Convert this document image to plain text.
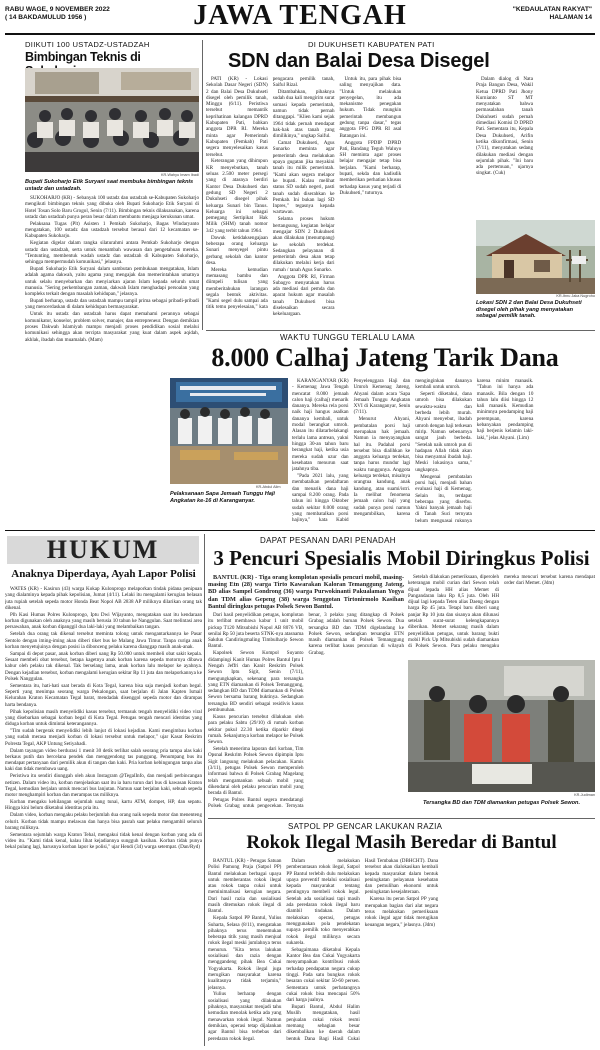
RABU WAGE, 9 NOVEMBER 2022
( 14 BAKDAMULUD 1956 )	JAWA TENGAH	"KEDAULATAN RAKYAT"
HALAMAN 14
DIIKUTI 100 USTADZ-USTADZAH
Bimbingan Teknis di
KR-Wahyu Imam Ibadi
Bupati Sukoharjo Etik Suryani saat membuka bimbingan teknis ustadz dan ustadzah.

SUKOHARJO (KR) - Sebanyak 100 ustadz dan ustadzah se-Kabupaten Sukoharjo mengikuti bimbingan teknis yang dibuka oleh Bupati Sukoharjo Etik Suryani di Hotel Tosan Solo Baru Grogol, Senin (7/11). Bimbingan teknis dilaksanakan, karena ustadz dan ustadzah punya peran besar dalam membantu menjaga kerukunan umat.

Pelaksana Tugas (Plt) Asisten 1 Pemkab Sukoharjo, Bagas Windaryanto mengatakan, 100 ustadz dan ustadzah tersebut berasal dari 12 kecamatan se-Kabupaten Sukoharjo.

Kegiatan digelar dalam rangka silaturahmi antara Pemkab Sukoharjo dengan ustadz dan ustadzah, serta untuk menambah wawasan dan pengetahuan mereka. "Tentunting, membentuk wadah ustadz dan ustadzah di Kabupaten Sukoharjo, sehingga mempermudah komunikasi," jelasnya.

Bupati Sukoharjo Etik Suryani dalam sambutan pembukaan mengatakan, Islam adalah agama dakwah, yaitu agama yang mengajak dan memerintahkan umatnya untuk selalu menyebarkan dan menyiarkan ajaran Islam kepada seluruh umat manusia. "Sering perkembangan zaman, dakwah Islam menghadapi persoalan yang kompleks terkait dengan masalah kehidupan," jelasnya.

Bupati berharap, ustadz dan ustadzah mampu tampil prima sebagai pribadi-pribadi yang mencerdaskan di dalam kehidupan bermasyarakat.

Untuk itu ustadz dan ustadzah harus dapat memahami perannya sebagai komunikator, konselor, problem solver, manajer, dan entrepreneur. Dengan demikian proses Dakwah Islamiyah mampu menjadi proses pendidikan sosial melalui komunikasi sehingga akan tercipta masyarakat yang kuat dalam aspek aqidah, akhlak, ibadah dan muamalah. (Mam)

DI DUKUHSETI KABUPATEN PATI
SDN dan Balai Desa Disegel

PATI (KR) - Lokasi Sekolah Dasar Negeri (SDN) 2 dan Balai Desa Dukuhseti disegel oleh pemilik tanah, Minggu (6/11). Peristiwa tersebut memantik keprihatinan kalangan DPRD Kabupaten Pati, bahkan anggota DPR RI. Mereka minta agar Pemerintah Kabupaten (Pemkab) Pati segera menyelesaikan kasus tersebut.

Keterangan yang dihimpun KR menyebutkan, tanah seluas 2.500 meter persegi yang di atasnya berdiri Kantor Desa Dukuhseti dan gedung SD Negeri 2 Dukuhseti disegel pihak keluarga Sunari bin Tanus. Keluarga ini sebagai pemegang Sertipikat Hak Milik (SHM) tanah nomor 342 yang terbit tahun 1964.

Dawuk ketidaksengajaan beberapa orang keluarga Sunari menyegel pintu gerbang sekolah dan kantor desa.

Mereka kemudian memasang bambu dan diimpeli tulisan yang memberitahukan larangan segala bentuk aktivitas. "Kami segel dulu sampai ada titik temu penyelesaian," kata pengacara pemilik tanah, Saiful Rizal.

Ditambahkan, pihaknya sudah dua kali mengirim surat somasi kepada pemerintah, namun tidak pernah ditanggapi. "Klien kami sejak 1964 tidak pernah mendapat hak-hak atas tanah yang dimilikinya," ungkap Saiful.

Camat Dukuhseti, Agus Sunarko meminta agar pemerintah desa melakukan upaya gugatan jika meyakini tanah itu milik pemerintah. "Kami akan segera melapor ke bupati. Kalau melihat status SD sudah negeri, pasti tanah sudah diserahkan ke Pemkab. Ini bukan lagi SD Inpres," tegasnya kepada wartawan.

Selama proses hukum bertangsung, kegiatan belajar mengajar SDN 2 Dukuhseti akan dilakukan (menumpang) ke sekolah terdekat. Sedangkan pelayanan di pemerintah desa akan tetap dilakukan melalui kerja dari rumah / tanah Agus Sunarko.

Anggota DPR RI, Firman Subagyo menyatakan harus ada mediasi dari pemda dan aparat hukum agar masalah tanah Dukuhseti bisa diselesaikan secara kekeluargaan.

Untuk itu, para pihak bisa saling menyajikan data. "Untuk melakukan penyegelan, itu ada mekanisme penegakan hukum. Tidak mungkin pemerintah membangun gedung tanpa dasar," tegas anggota FPG DPR RI asal Batangan ini.

Anggota FPDIP DPRD Pati, Bandang Teguh Waluyo SH meminta agar proses belajar mengajar tetap bisa berjalan. "Kami berharap, bupati, sekda dan kadisdik memberikan perhatian khusus terhadap kasus yang terjadi di Dukuhseti," tuturnya.

Dalam dialog di Nata Praja Bangun Desa, Wakil Ketua DPRD Pati Jhony Kurnianto ST MT menyatakan bahwa permasalahan tanah Dukuhseti sudah pernah dimediasi Komisi D DPRD Pati. Sementara itu, Kepala Desa Dukuhseti, Arifin ketika dikonfirmasi, Senin (7/11), menyatakan sedang dilakukan mediasi dengan sejumlah pihak. "Ini baru ada pertemuan," ujarnya singkat. (Cuk)

KR-Ibnu Jaka Nugroho
Lokasi SDN 2 dan Balai Desa Dukuhseti disegel oleh pihak yang menyatakan sebagai pemilik tanah.
WAKTU TUNGGU TERLALU LAMA
8.000 Calhaj Jateng Tarik Dana
KR-Abdul Alim
Pelaksanaan Sapa Jemaah Tunggu Haji Angkatan ke-16 di Karanganyar.

KARANGANYAR (KR) - Kemenag Jawa Tengah mencatat 8.000 jemaah calon haji (calhaj) menarik dananya. Mereka rela porsi naik haji hangus asalkan dananya kembali, untuk modal berangkat umroh. Alasan itu dilatarbelakangi terlalu lama antrean, yakni hingga 30-an tahun baru berangkat haji, ketika usia mereka sudah uzur dan kesehatan menurun saat jatahnya tiba.

"Pada 2021 lalu, yang membatalkan pendaftaran dan menarik dana haji sampai 8.200 orang. Pada tahun ini hingga Oktober sudah sekitar 8.000 orang yang membatalkan porsi hajinya," kata Kabid Penyelenggara Haji dan Umroh Kemenag Jateng, Ahyani dalam acara 'Sapa Jemaah Tunggu Angkatan XVI di Karanganyar, Senin (7/11).

Menurut Ahyani, pembatalan porsi haji merupakan hak jemaah. Namun ia menyayangkan hal itu. Padahal porsi tersebut bisa dialihkan ke anggota keluarga terdekat, tanpa harus mundur lagi waktu tunggunya. Anggota keluarga terdekat, misalnya orangtua kandung, anak kandung, atau suami/istri. Ia melihat fenomena jemaah calon haji yang sudah punya porsi namun mengambilkan, karena menginginkan dananya kembali untuk umroh.

Seperti diketahui, dana umroh bisa dilakukan sewaktu-waktu dan berbeda lebih murah. Ahyani menyebut, ibadah umroh dengan haji terkesan mirip. Namun sebenarnya sangat jauh berbeda. "Setelah naik umroh pun di hadapan Allah tidak akan bisa menyamai ibadah haji. Meski lokasinya sama," ungkapnya.

Mengenai pembatalan porsi haji, menjadi bahan evaluasi haji di Kemenag. Selain itu, terdapat beberapa yang diserbu. Yakni banyak jemaah haji di Tanah Suci ternyata belum menguasai rukunya karena minim manasik. "Tahun ini hanya ada manasik. Bila dengan 10 tahun lalu diisi hingga 12 kali manasik. Kemudian minimnya pendamping haji perempuan, karena kebanyakan pendamping haji berjenis kelamin laki-laki," jelas Ahyani. (Lim)

HUKUM
Anaknya Diperdaya, Ayah Lapor Polisi

WATES (KR) - Kasirun (43) warga Kokap Kulonprogo melaporkan tindak pidana penipuan yang dialaminya kepada pihak kepolisian, Jumat (4/11). Lelaki itu mengalami kerugian belasan juta rupiah setelah sepeda motor Honda Beat Nopol AB 2838 AP miliknya dilarikan orang tak dikenal.

Plh Kasi Humas Polres Kulonprogo, Iptu Dwi Wijayanto, mengatakan saat itu kendaraan korban digunakan oleh anaknya yang masih berusia 10 tahun ke Nanggulan. Saat melintasi area persawahan, anak korban dipanggil dua laki-laki yang melambaikan tangan.

Setelah dua orang tak dikenal tersebut meminta tolong untuk mengantarkannya ke Pasar Sentolo dengan iming-iming akan diberi tiket bus ke Malang Jawa Timur. Tanpa curiga anak korban menyetujuinya dengan posisi ia dibonceng pelaku karena dianggap masih anak-anak.

Sampai di depot pasar, anak korban diberi uang Rp 50.000 untuk membeli obat sakit kepala. Sesaat membeli obat tersebut, betapa kagetnya anak korban karena sepeda motornya dibawa kabur oleh pelaku tak dikenal. Tak berselang lama, anak korban lalu melapor ke ayahnya. Dengan kejadian tersebut, korban mengalami kerugian sekitar Rp 11 juta dan melaporkannya ke Polsek Nanggulan.

Sementara itu, hati-hati saat berada di Kota Tegal, karena bisa saja menjadi korban begal. Seperti yang menimpa seorang warga Pekalongan, saat berjalan di Jalan Kapten Ismail Kelurahan Kraton Kecamatan Tegal barat, mendadak disenggol sepeda motor dan dirampas harta bendanya.

Pihak kepolisian masih menyelidiki kasus tersebut, termasuk tengah menyelidiki video viral yang disebarkan sebagai korban begal di Kota Tegal. Petugas tengah mencari identitas yang diduga korban untuk dimintai keterangannya.

"Tim sudah bergerak menyelidiki lebih lanjut di lokasi kejadian. Kami mengimbau korban yang sudah merasa menjadi korban di lokasi tersebut untuk melapor," ujar Kasat Reskrim Polresta Tegal, AKP Untung Setiyahadi.

Dalam tayangan video berdurasi 1 menit 30 detik terlihat salah seorang pria tampa alas kaki berkaus putih dan bercelana pendek dan menggendong tas punggung. Penumpang bus itu mendapat pertanyaan dari pemilik akun di tangan dan kaki. Pria korban kebingungan tanpa alas kaki dan tidak membawa uang.

Peristiwa itu sendiri diunggah oleh akun Instagram @TegalInfo, dan menjadi perbincangan netizen. Dalam video itu, korban menjelaskan saat itu ia baru turun dari bus di kawasan Kraton Tegal, kemudian berjalan untuk mencari bus lanjutan. Namun saat berjalan kaki, sebuah sepeda motor menghampiri korban dan merampas tas miliknya.

Korban mengaku kehilangan sejumlah uang tunai, kartu ATM, dompet, HP, dan sepatu. Hingga kini belum diketahui identitas pria itu.

Dalam video, korban mengaku pelaku berjumlah dua orang naik sepeda motor dan menenteng celurit. Korban tidak mampu melawan dan hanya bisa pasrah saat pelaku mengambil seluruh barang miliknya.

Sementara sejumlah warga Kraton Tehal, mengakui tidak kenal dengan korban yang ada di video itu. "Kami tidak kenal, kalau lihat kejadiannya sungguh kasihan. Korban tidak punya bekal pulang lagi, harusnya korban lapor ke polisi," ujar Hendi (34) warga setempat. (Dan/Ryd)

DAPAT PESANAN DARI PENADAH
3 Pencuri Spesialis Mobil Diringkus Polisi

BANTUL (KR) - Tiga orang komplotan spesialis pencuri mobil, masing-masing Etn (28) warga Tirto Kawarakan Kaloran Temanggung Jateng, BD alias Sampel Gondrong (36) warga Purwokinanti Pakualaman Yogya dan TDM alias Gepeng (38) warga Senggotan Tirtonirmolo Kasihan Bantul diringkus petugas Polsek Sewon Bantul.

Dari hasil penyelidikan petugas, komplotan itu terlibat membawa kabur 1 unit mobil pickup T120 Mitsubishi Nopol AB 8076 VB, senilai Rp 50 juta beserta STNK-nya atasnama Sakdun Candiringmaling Timbulharjo Sewon Bantul.

Kapolsek Sewon Kompol Suyanto didampingi Kanit Humas Polres Bantul Iptu I Nengah Jeffri dan Kanit Reskrim Polsek Sewon Iptu Sigit, Senin (7/11), mengungkapkan, sekenang para tersangka yang ETN diamankan di Polsek Temanggung, sedangkan BD dan TDM diamankan di Polsek Sewon bersama barang buktinya. Sedangkan tersangka BD sendiri sebagai residivis kasus pembunuhan.

Kasus pencurian tersebut dilakukan oleh para pelaku Sabtu (29/10) di rumah korban sekitar pukul 22.30 ketika diparkir ditepi rumah. Sekanjutnya korban melapor ke Polsek Sewon.

Setelah menerima laporan dari korban, Tim Opsnal Reskrim Polsek Sewon dipimpin Iptu Sigit langsung melakukan pelacakan. Kamis (3/11), petugas Polsek Sewon memperoleh informasi bahwa di Polsek Grabag Magelang telah mengamankan sebuah mobil yang dikendarai oleh pelaku pencurian mobil yang berada di Bantul.

Petugas Polres Bantul segera mendatangi Polsek Grabag untuk pengecekan. Ternyata benar, 3 pelaku yang ditangkap di Polsek Grabag adalah buruan Polsek Sewon. Dua tersangka BD dan TDM digelandang ke Polsek Sewon, sedangkan tersangka ETN masih diamankan di Polsek Temanggung karena terlibat kasus pencurian di wilayah Grabag.

Setelah dilakukan pemeriksaan, diperoleh keterangan mobil curian dari Sewon telah dijual lepada HH alias Memet di Pangandaran laku Rp 8,5 juta. Oleh HH dijual lagi kepada Teten alias Daeng dengan harga Rp 45 juta. Tetapi baru diberi uang panjar Rp 10 juta dan sisanya akan dilunasi setelah surat-surat kelengkapannya diberikan. Memet sekarang masih dalam penyelidikan petugas, untuk barang bukti mobil Pick Up Mitsubishi sudah diamankan di Polsek Sewon. Para pelaku mengaku mereka mencuri tersebut karena mendapat order dari Memet. (Jdm)

KR-Judiman
Tersangka BD dan TDM diamankan petugas Polsek Sewon.
SATPOL PP GENCAR LAKUKAN RAZIA
Rokok Ilegal Masih Beredar di Bantul

BANTUL (KR) - Petugas Satuan Polisi Pamong Praja (Satpol PP) Bantul melakukan berbagai upaya untuk memberantas rokok ilegal atau rokok tanpa cukai untuk meminimalisasi kerugian negara. Dari hasil razia dan sosialisasi masih ditemukan rokok ilegal di Bantul.

Kepala Satpol PP Bantul, Yulius Suharta, Selasa (8/11), mengatakan pihaknya terus menemukan beberapa titik yang masih menjual rokok ilegal meski jumlahnya terus menurun. "Kita terus lakukan sosialisasi dan razia dengan menggandeng pihak Bea Cukai Yogyakarta. Rokok ilegal juga merugikan masyarakat karena kualitasnya tidak terjamin," jelasnya.

Yulius berharap dengan sosialisasi yang dilakukan pihaknya, masyarakat menjadi tahu kemudian menolak ketika ada yang menawarkan rokok ilegal. Namun demikian, operasi tetap dijalankan agar Bantul bisa terbebas dari peredaran rokok ilegal.

Dalam melakukan pemberantasan rokok ilegal, Satpol PP Bantul terlebih dulu melakukan upaya preventif melalui sosialisasi kepada masyarakat tentang pentingnya membeli rokok legal. Setelah ada sosialisasi tapi masih ada peredaran rokok ilegal baru diambil tindakan. Dalam melakukan operasi, petugas menggunakan pola pendekatan supaya pemilik toko menyerahkan rokok ilegal miliknya secara sukarela.

Sebagaimana diketahui Kepala Kantor Bea dan Cukai Yogyakarta menyampaikan kontribusi rokok terhadap pendapatan negara cukup tinggi. Pada satu bungkus rokok besaran cukai sekitar 50-60 persen. Sementara untuk perbatangnya cukai rokok bisa mencapai 50% dari harga jualnya.

Bupati Bantul, Abdul Halim Muslih mengatakan, hasil penjualan cukai rokok resmi memang sebagian besar dikembalikan ke daerah dalam bentuk Dana Bagi Hasil Cukai Hasil Tembakau (DBHCHT). Dana tersebut akan dialokasikan kembali kepada masyarakat dalam bentuk peningkatan pelayanan kesehatan dan pemulihan ekonomi untuk peningkatan kesejahteraan.

Karena itu peran Satpol PP yang merupakan bagian dari alat negara terus melakukan pemeriksaan rokok ilegal agar tidak merugikan keuangan negara," jelasnya. (Jdm)
